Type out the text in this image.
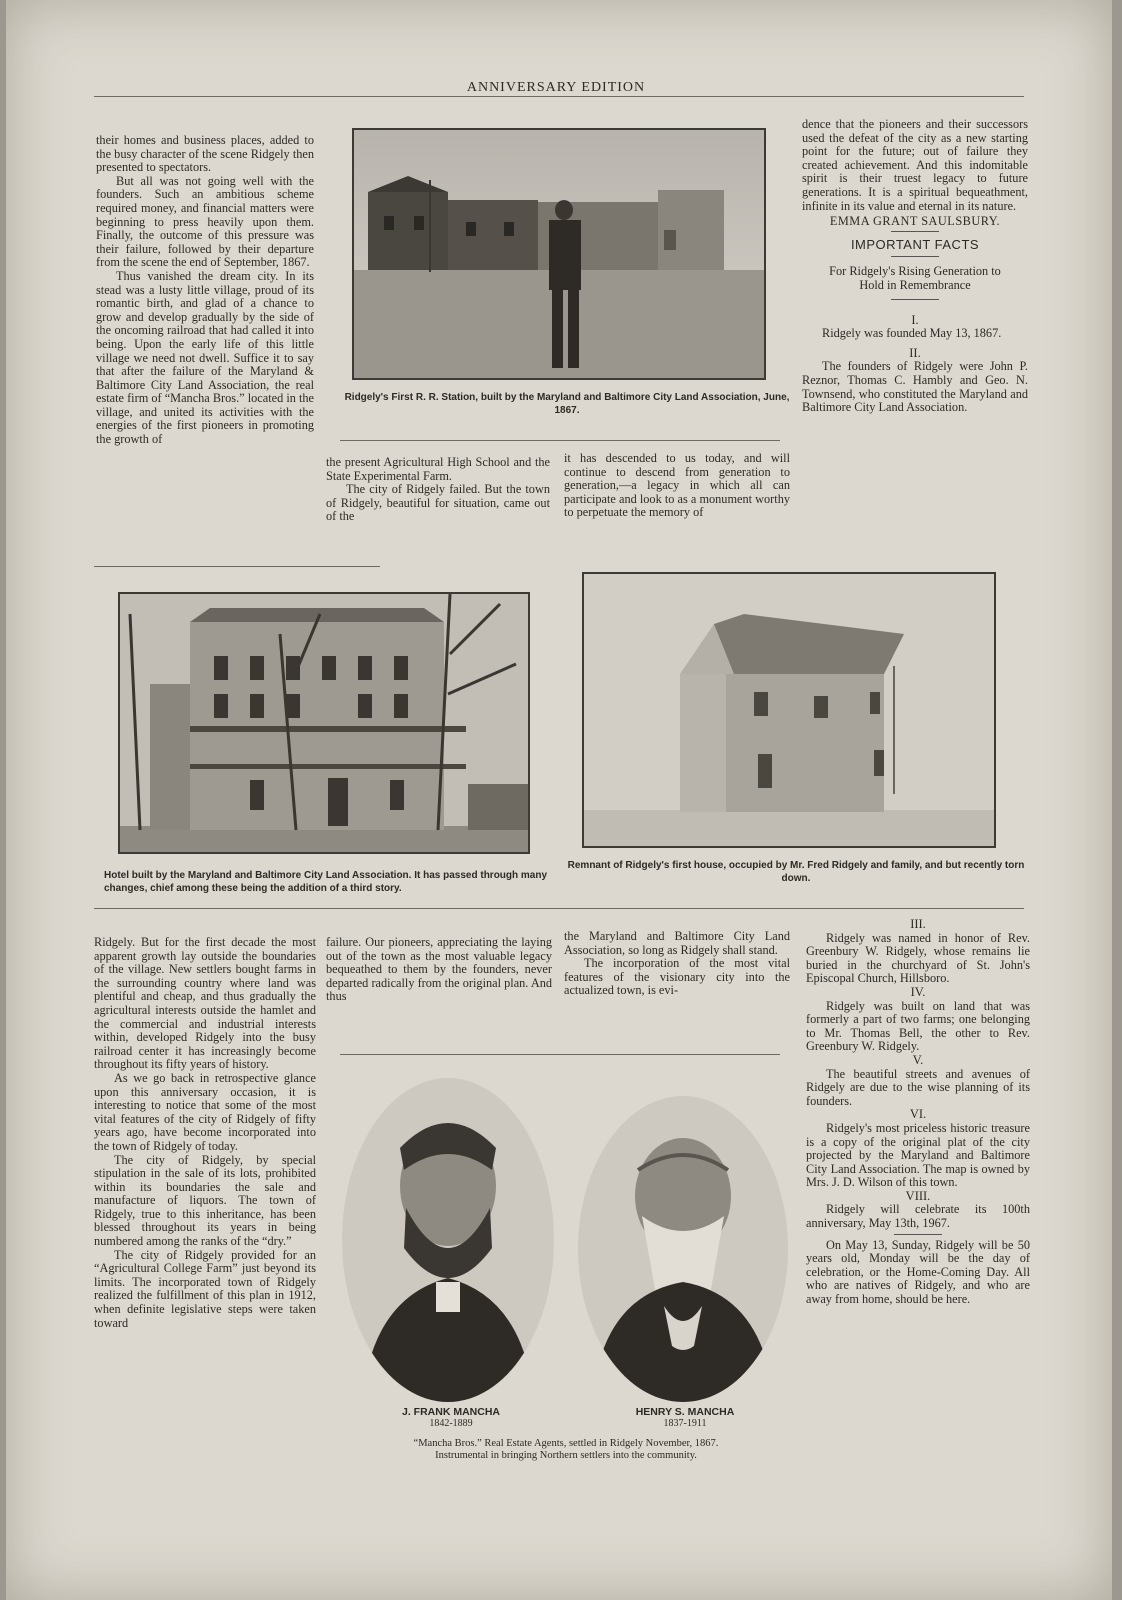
ANNIVERSARY EDITION

their homes and business places, added to the busy character of the scene Ridgely then presented to spectators.

But all was not going well with the founders. Such an ambitious scheme required money, and financial matters were beginning to press heavily upon them. Finally, the outcome of this pressure was their failure, followed by their departure from the scene the end of September, 1867.

Thus vanished the dream city. In its stead was a lusty little village, proud of its romantic birth, and glad of a chance to grow and develop gradually by the side of the oncoming railroad that had called it into being. Upon the early life of this little village we need not dwell. Suffice it to say that after the failure of the Maryland & Baltimore City Land Association, the real estate firm of “Mancha Bros.” located in the village, and united its activities with the energies of the first pioneers in promoting the growth of

Ridgely's First R. R. Station, built by the Maryland and Baltimore City Land Association, June, 1867.

the present Agricultural High School and the State Experimental Farm.

The city of Ridgely failed. But the town of Ridgely, beautiful for situation, came out of the

it has descended to us today, and will continue to descend from generation to generation,—a legacy in which all can participate and look to as a monument worthy to perpetuate the memory of

dence that the pioneers and their successors used the defeat of the city as a new starting point for the future; out of failure they created achievement. And this indomitable spirit is their truest legacy to future generations. It is a spiritual bequeathment, infinite in its value and eternal in its nature.

EMMA GRANT SAULSBURY.

IMPORTANT FACTS

For Ridgely's Rising Generation to Hold in Remembrance

I.

Ridgely was founded May 13, 1867.

II.

The founders of Ridgely were John P. Reznor, Thomas C. Hambly and Geo. N. Townsend, who constituted the Maryland and Baltimore City Land Association.

Hotel built by the Maryland and Baltimore City Land Association. It has passed through many changes, chief among these being the addition of a third story.
Remnant of Ridgely's first house, occupied by Mr. Fred Ridgely and family, and but recently torn down.

Ridgely. But for the first decade the most apparent growth lay outside the boundaries of the village. New settlers bought farms in the surrounding country where land was plentiful and cheap, and thus gradually the agricultural interests outside the hamlet and the commercial and industrial interests within, developed Ridgely into the busy railroad center it has increasingly become throughout its fifty years of history.

As we go back in retrospective glance upon this anniversary occasion, it is interesting to notice that some of the most vital features of the city of Ridgely of fifty years ago, have become incorporated into the town of Ridgely of today.

The city of Ridgely, by special stipulation in the sale of its lots, prohibited within its boundaries the sale and manufacture of liquors. The town of Ridgely, true to this inheritance, has been blessed throughout its years in being numbered among the ranks of the “dry.”

The city of Ridgely provided for an “Agricultural College Farm” just beyond its limits. The incorporated town of Ridgely realized the fulfillment of this plan in 1912, when definite legislative steps were taken toward

failure. Our pioneers, appreciating the laying out of the town as the most valuable legacy bequeathed to them by the founders, never departed radically from the original plan. And thus

the Maryland and Baltimore City Land Association, so long as Ridgely shall stand.

The incorporation of the most vital features of the visionary city into the actualized town, is evi-

J. FRANK MANCHA
1842-1889
HENRY S. MANCHA
1837-1911
“Mancha Bros.” Real Estate Agents, settled in Ridgely November, 1867.
Instrumental in bringing Northern settlers into the community.

III.

Ridgely was named in honor of Rev. Greenbury W. Ridgely, whose remains lie buried in the churchyard of St. John's Episcopal Church, Hillsboro.

IV.

Ridgely was built on land that was formerly a part of two farms; one belonging to Mr. Thomas Bell, the other to Rev. Greenbury W. Ridgely.

V.

The beautiful streets and avenues of Ridgely are due to the wise planning of its founders.

VI.

Ridgely's most priceless historic treasure is a copy of the original plat of the city projected by the Maryland and Baltimore City Land Association. The map is owned by Mrs. J. D. Wilson of this town.

VIII.

Ridgely will celebrate its 100th anniversary, May 13th, 1967.

On May 13, Sunday, Ridgely will be 50 years old, Monday will be the day of celebration, or the Home-Coming Day. All who are natives of Ridgely, and who are away from home, should be here.
